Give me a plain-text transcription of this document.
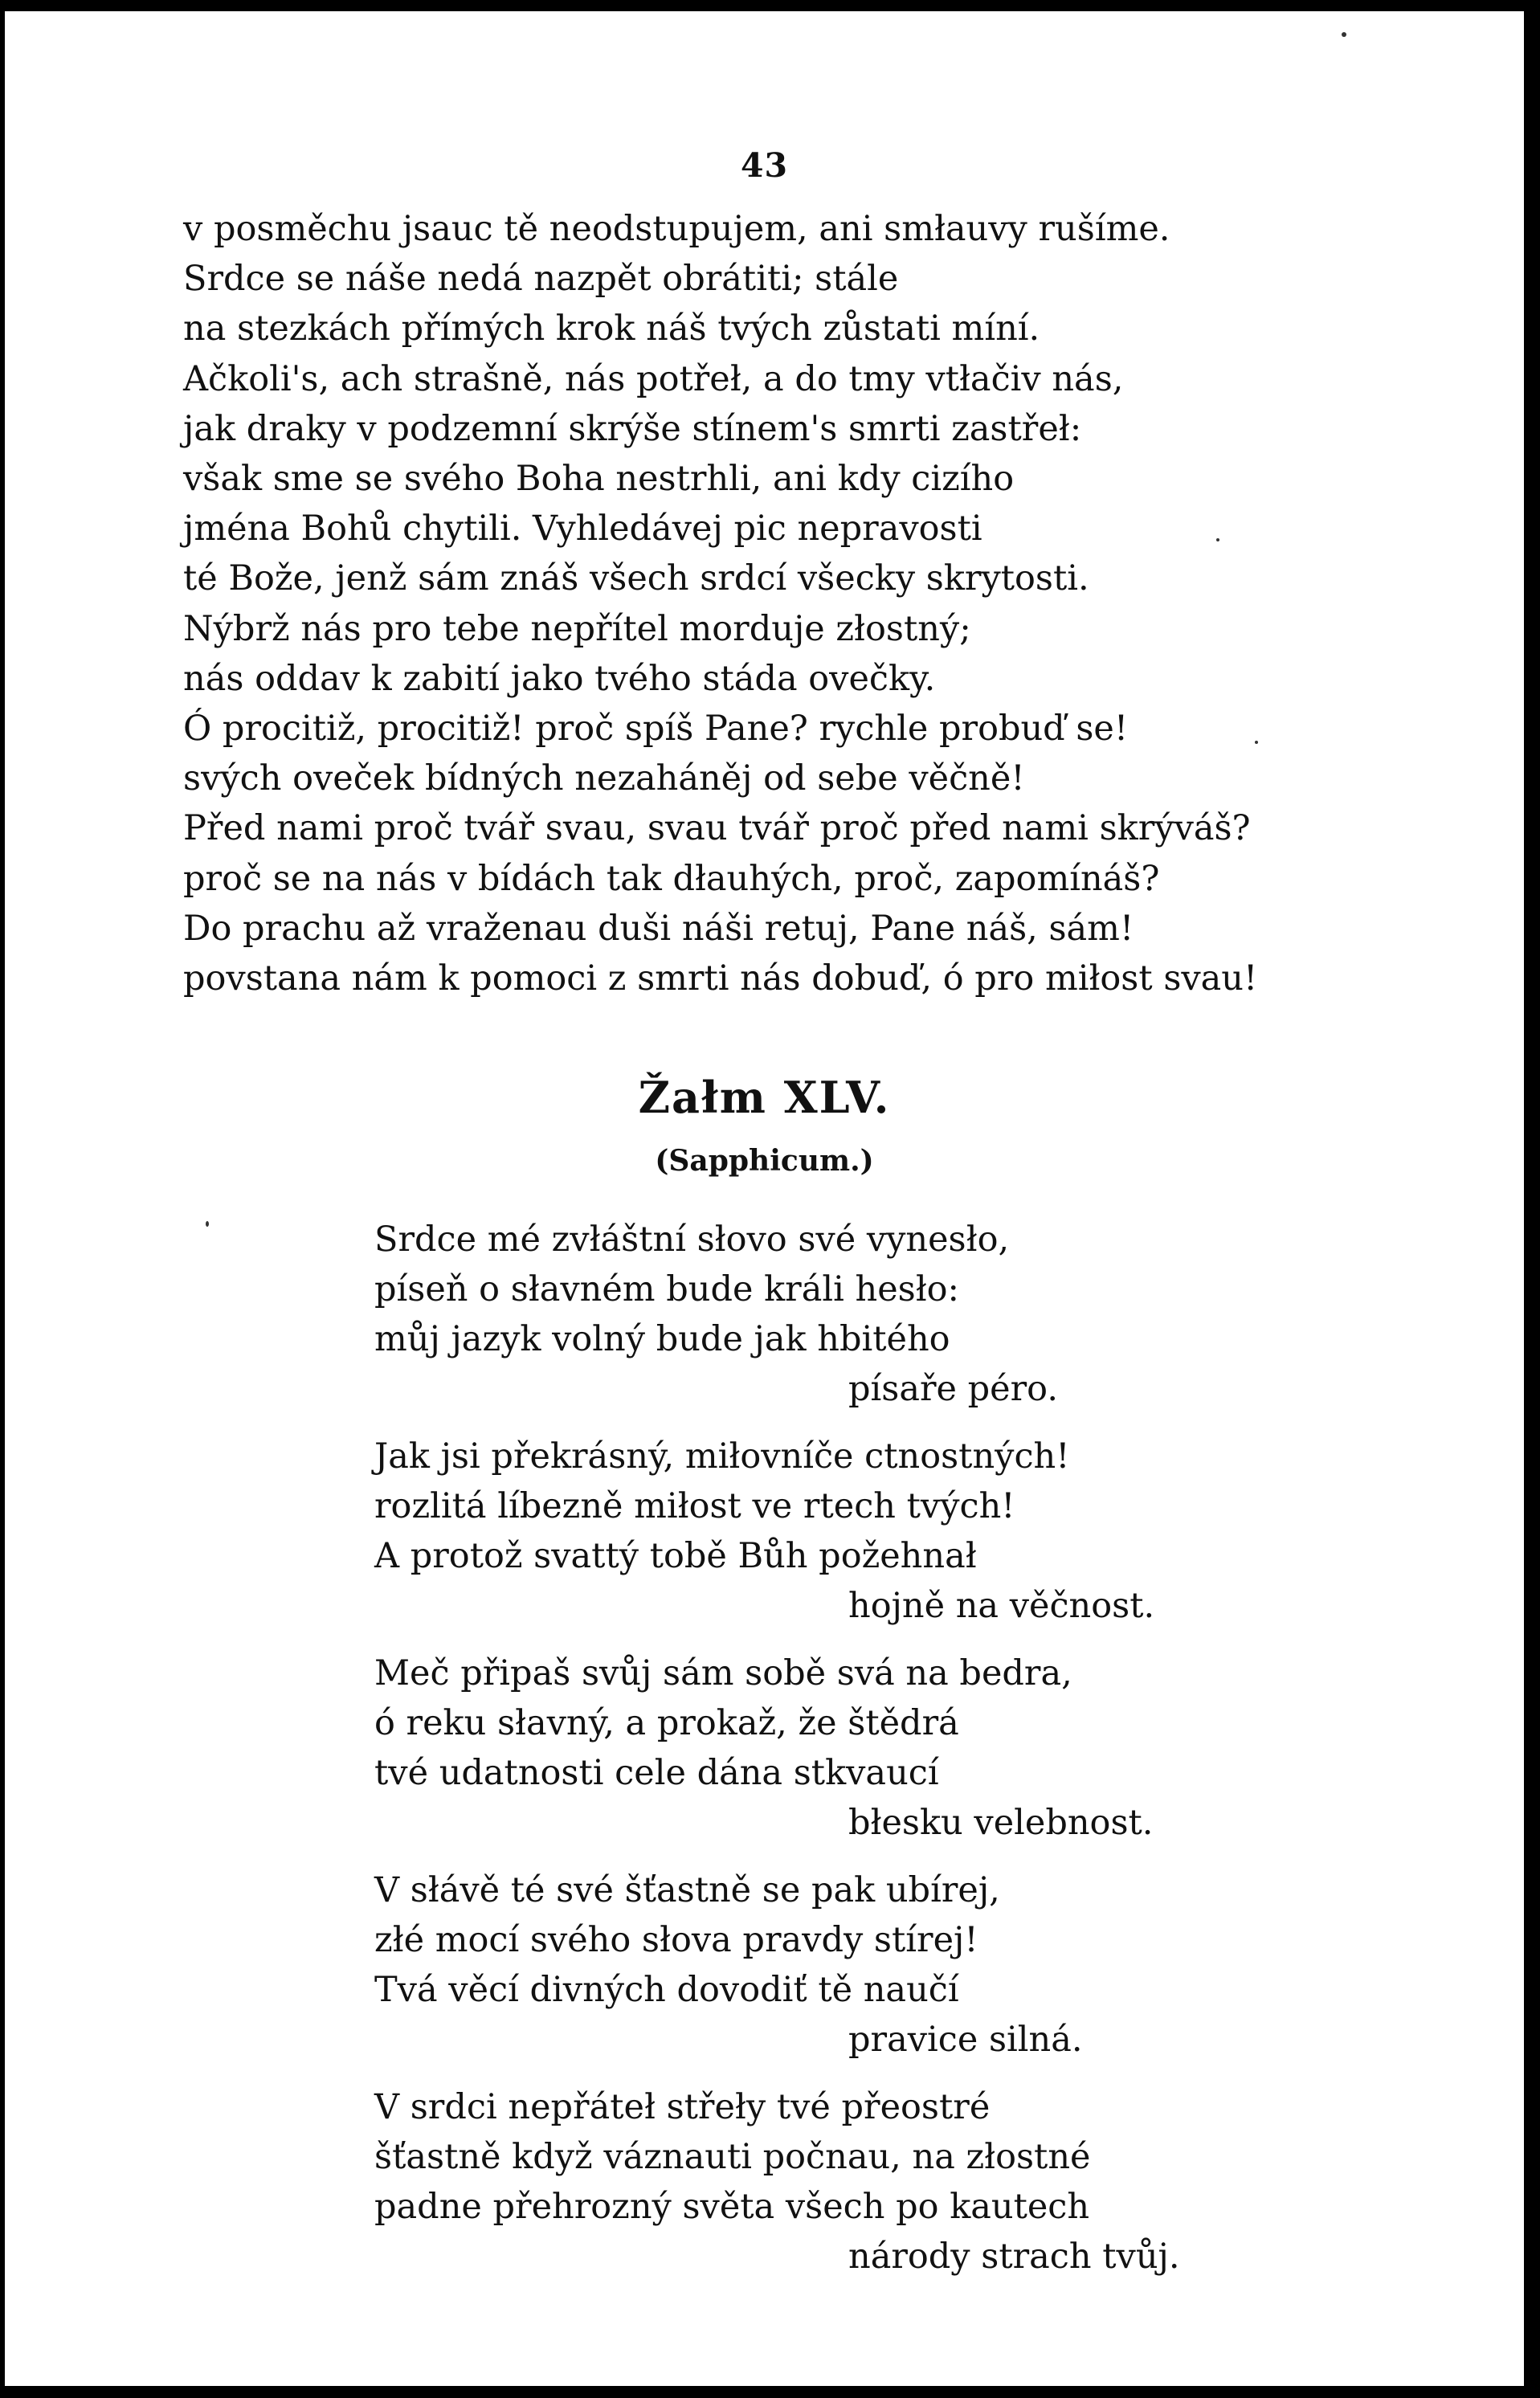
43
v posměchu jsauc tě neodstupujem, ani smłauvy rušíme.
Srdce se náše nedá nazpět obrátiti; stále
na stezkách přímých krok náš tvých zůstati míní.
Ačkoli's, ach strašně, nás potřeł, a do tmy vtłačiv nás,
jak draky v podzemní skrýše stínem's smrti zastřeł:
však sme se svého Boha nestrhli, ani kdy cizího
jména Bohů chytili. Vyhledávej pic nepravosti
té Bože, jenž sám znáš všech srdcí všecky skrytosti.
Nýbrž nás pro tebe nepřítel morduje złostný;
nás oddav k zabití jako tvého stáda ovečky.
Ó procitiž, procitiž! proč spíš Pane? rychle probuď se!
svých oveček bídných nezaháněj od sebe věčně!
Před nami proč tvář svau, svau tvář proč před nami skrýváš?
proč se na nás v bídách tak dłauhých, proč, zapomínáš?
Do prachu až vraženau duši náši retuj, Pane náš, sám!
povstana nám k pomoci z smrti nás dobuď, ó pro miłost svau!
Žałm XLV.
(Sapphicum.)
Srdce mé zvłáštní słovo své vynesło,
píseň o słavném bude králi hesło:
můj jazyk volný bude jak hbitého
písaře péro.
Jak jsi překrásný, miłovníče ctnostných!
rozlitá líbezně miłost ve rtech tvých!
A protož svattý tobě Bůh požehnał
hojně na věčnost.
Meč připaš svůj sám sobě svá na bedra,
ó reku słavný, a prokaž, že štědrá
tvé udatnosti cele dána stkvaucí
błesku velebnost.
V słávě té své šťastně se pak ubírej,
złé mocí svého słova pravdy stírej!
Tvá věcí divných dovodiť tě naučí
pravice silná.
V srdci nepřáteł střeły tvé přeostré
šťastně když váznauti počnau, na złostné
padne přehrozný světa všech po kautech
národy strach tvůj.
